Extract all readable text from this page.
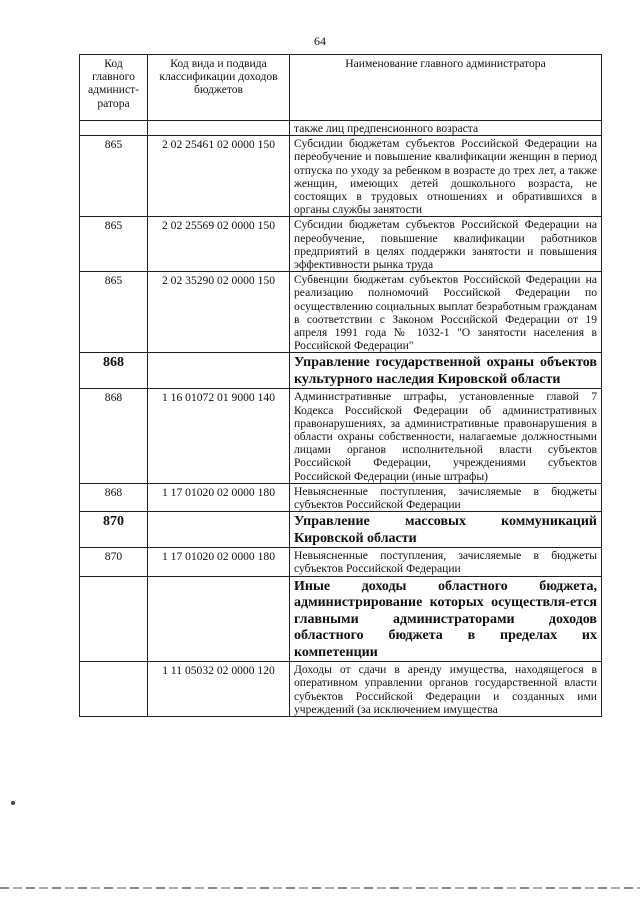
64
Код главного админист-ратора	Код вида и подвида классификации доходов бюджетов	Наименование главного администратора
		также лиц предпенсионного возраста
865	2 02 25461 02 0000 150	Субсидии бюджетам субъектов Российской Федерации на переобучение и повышение квалификации женщин в период отпуска по уходу за ребенком в возрасте до трех лет, а также женщин, имеющих детей дошкольного возраста, не состоящих в трудовых отношениях и обратившихся в органы службы занятости
865	2 02 25569 02 0000 150	Субсидии бюджетам субъектов Российской Федерации на переобучение, повышение квалификации работников предприятий в целях поддержки занятости и повышения эффективности рынка труда
865	2 02 35290 02 0000 150	Субвенции бюджетам субъектов Российской Федерации на реализацию полномочий Российской Федерации по осуществлению социальных выплат безработным гражданам в соответствии с Законом Российской Федерации от 19 апреля 1991 года № 1032-1 "О занятости населения в Российской Федерации"
868		Управление государственной охраны объектов культурного наследия Кировской области
868	1 16 01072 01 9000 140	Административные штрафы, установленные главой 7 Кодекса Российской Федерации об административных правонарушениях, за административные правонарушения в области охраны собственности, налагаемые должностными лицами органов исполнительной власти субъектов Российской Федерации, учреждениями субъектов Российской Федерации (иные штрафы)
868	1 17 01020 02 0000 180	Невыясненные поступления, зачисляемые в бюджеты субъектов Российской Федерации
870		Управление массовых коммуникаций Кировской области
870	1 17 01020 02 0000 180	Невыясненные поступления, зачисляемые в бюджеты субъектов Российской Федерации
		Иные доходы областного бюджета, администрирование которых осуществля-ется главными администраторами доходов областного бюджета в пределах их компетенции
	1 11 05032 02 0000 120	Доходы от сдачи в аренду имущества, находящегося в оперативном управлении органов государственной власти субъектов Российской Федерации и созданных ими учреждений (за исключением имущества
